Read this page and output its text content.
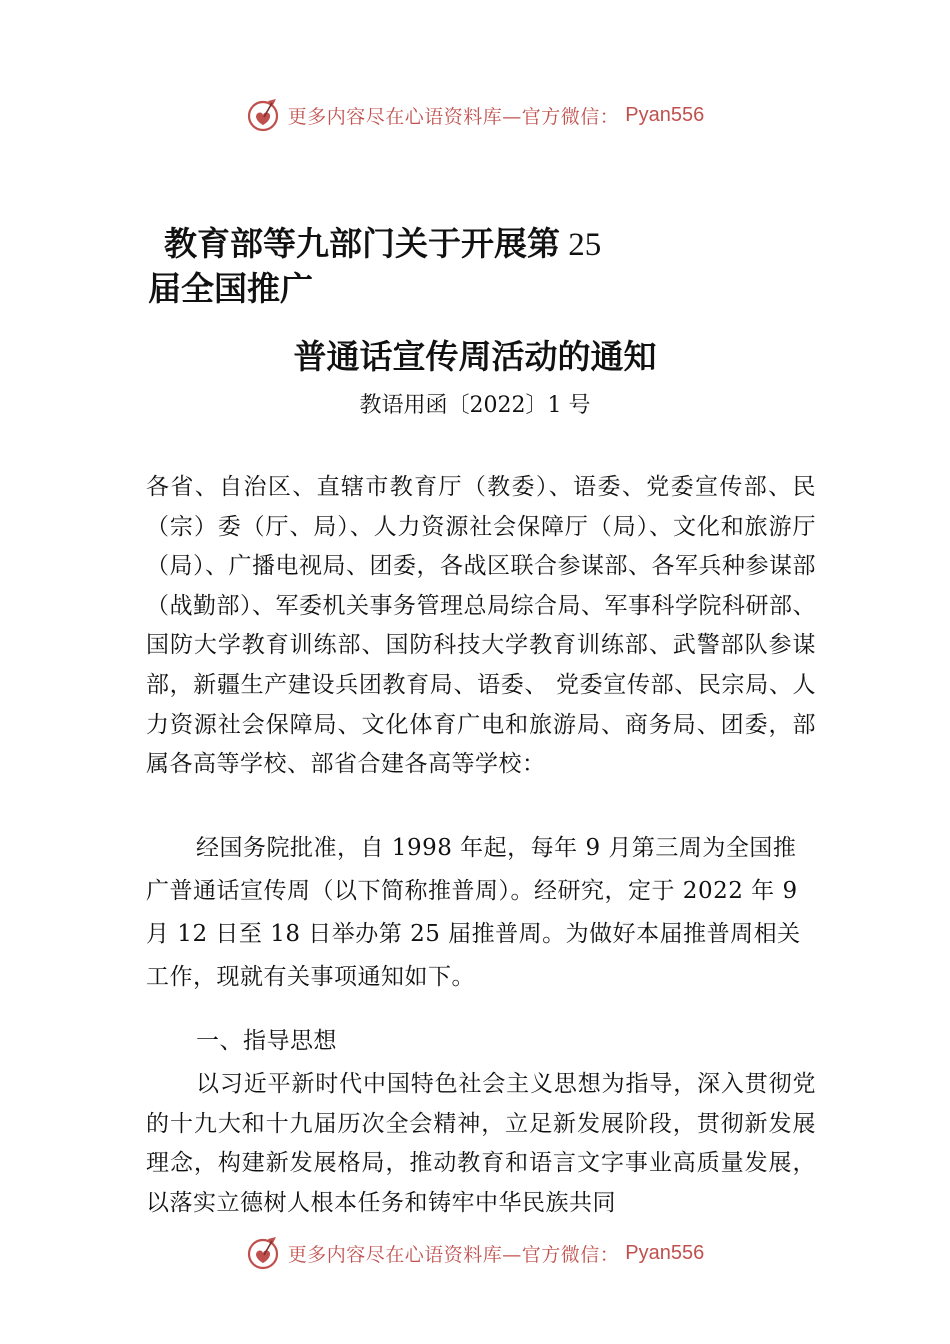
更多内容尽在心语资料库—官方微信： Pyan556
教育部等九部门关于开展第 25
届全国推广
普通话宣传周活动的通知
教语用函〔2022〕1 号
各省、自治区、直辖市教育厅（教委）、语委、党委宣传部、民（宗）委（厅、局）、人力资源社会保障厅（局）、文化和旅游厅（局）、广播电视局、团委，各战区联合参谋部、各军兵种参谋部（战勤部）、军委机关事务管理总局综合局、军事科学院科研部、国防大学教育训练部、国防科技大学教育训练部、武警部队参谋部，新疆生产建设兵团教育局、语委、 党委宣传部、民宗局、人力资源社会保障局、文化体育广电和旅游局、商务局、团委，部属各高等学校、部省合建各高等学校：
经国务院批准，自 1998 年起，每年 9 月第三周为全国推广普通话宣传周（以下简称推普周）。经研究，定于 2022 年 9 月 12 日至 18 日举办第 25 届推普周。为做好本届推普周相关工作，现就有关事项通知如下。
一、指导思想
以习近平新时代中国特色社会主义思想为指导，深入贯彻党的十九大和十九届历次全会精神，立足新发展阶段，贯彻新发展理念，构建新发展格局，推动教育和语言文字事业高质量发展，以落实立德树人根本任务和铸牢中华民族共同
更多内容尽在心语资料库—官方微信： Pyan556
